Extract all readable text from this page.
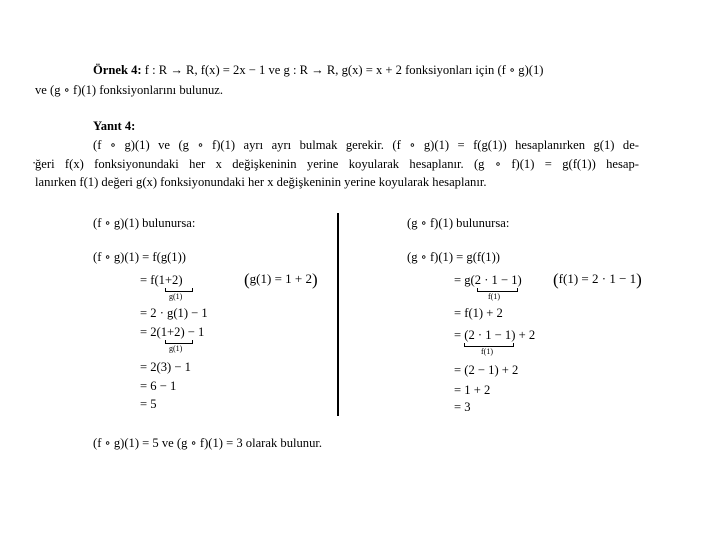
Örnek 4: f : R → R, f(x) = 2x − 1 ve g : R → R, g(x) = x + 2 fonksiyonları için (f ∘ g)(1)
ve (g ∘ f)(1) fonksiyonlarını bulunuz.
Yanıt 4:
·
(f ∘ g)(1) ve (g ∘ f)(1) ayrı ayrı bulmak gerekir. (f ∘ g)(1) = f(g(1)) hesaplanırken g(1) de-
ğeri f(x) fonksiyonundaki her x değişkeninin yerine koyularak hesaplanır. (g ∘ f)(1) = g(f(1)) hesap-
lanırken f(1) değeri g(x) fonksiyonundaki her x değişkeninin yerine koyularak hesaplanır.
(f ∘ g)(1) bulunursa:
(f ∘ g)(1) = f(g(1))
= f(1+2)
g(1)
(g(1) = 1 + 2)
= 2 · g(1) − 1
= 2(1+2) − 1
g(1)
= 2(3) − 1
= 6 − 1
= 5
(g ∘ f)(1) bulunursa:
(g ∘ f)(1) = g(f(1))
= g(2 · 1 − 1)
f(1)
(f(1) = 2 · 1 − 1)
= f(1) + 2
= (2 · 1 − 1) + 2
f(1)
= (2 − 1) + 2
= 1 + 2
= 3
(f ∘ g)(1) = 5 ve (g ∘ f)(1) = 3 olarak bulunur.
